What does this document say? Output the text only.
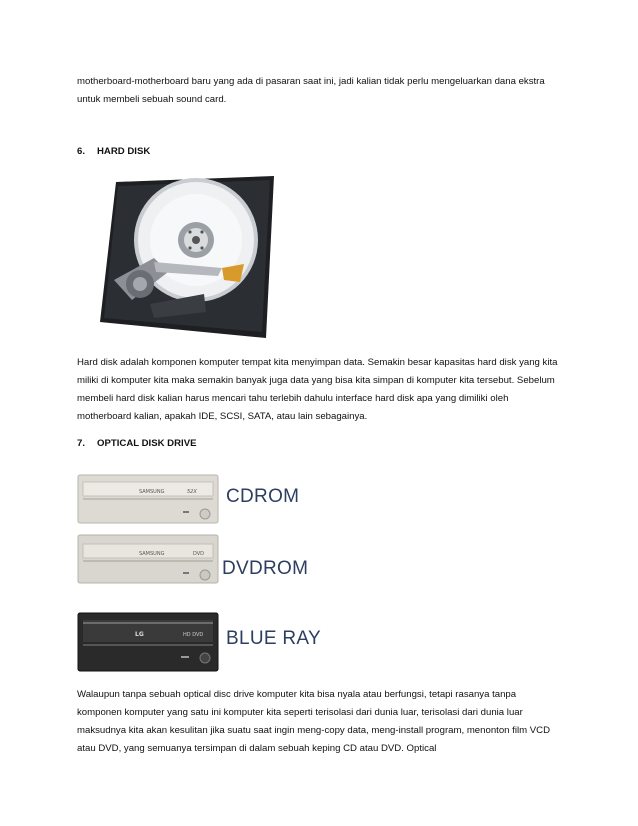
motherboard-motherboard baru yang ada di pasaran saat ini, jadi kalian tidak perlu mengeluarkan dana ekstra untuk membeli sebuah sound card.

6. HARD DISK

Hard disk adalah komponen komputer tempat kita menyimpan data. Semakin besar kapasitas hard disk yang kita miliki di komputer kita maka semakin banyak juga data yang bisa kita simpan di komputer kita tersebut. Sebelum membeli hard disk kalian harus mencari tahu terlebih dahulu interface hard disk apa yang dimiliki oleh motherboard kalian, apakah IDE, SCSI, SATA, atau lain sebagainya.

7. OPTICAL DISK DRIVE
SAMSUNG	52X CDROM
SAMSUNG	DVD
DVDROM
LG	HD DVD BLUE RAY

Walaupun tanpa sebuah optical disc drive komputer kita bisa nyala atau berfungsi, tetapi rasanya tanpa komponen komputer yang satu ini komputer kita seperti terisolasi dari dunia luar, terisolasi dari dunia luar maksudnya kita akan kesulitan jika suatu saat ingin meng-copy data, meng-install program, menonton film VCD atau DVD, yang semuanya tersimpan di dalam sebuah keping CD atau DVD. Optical
